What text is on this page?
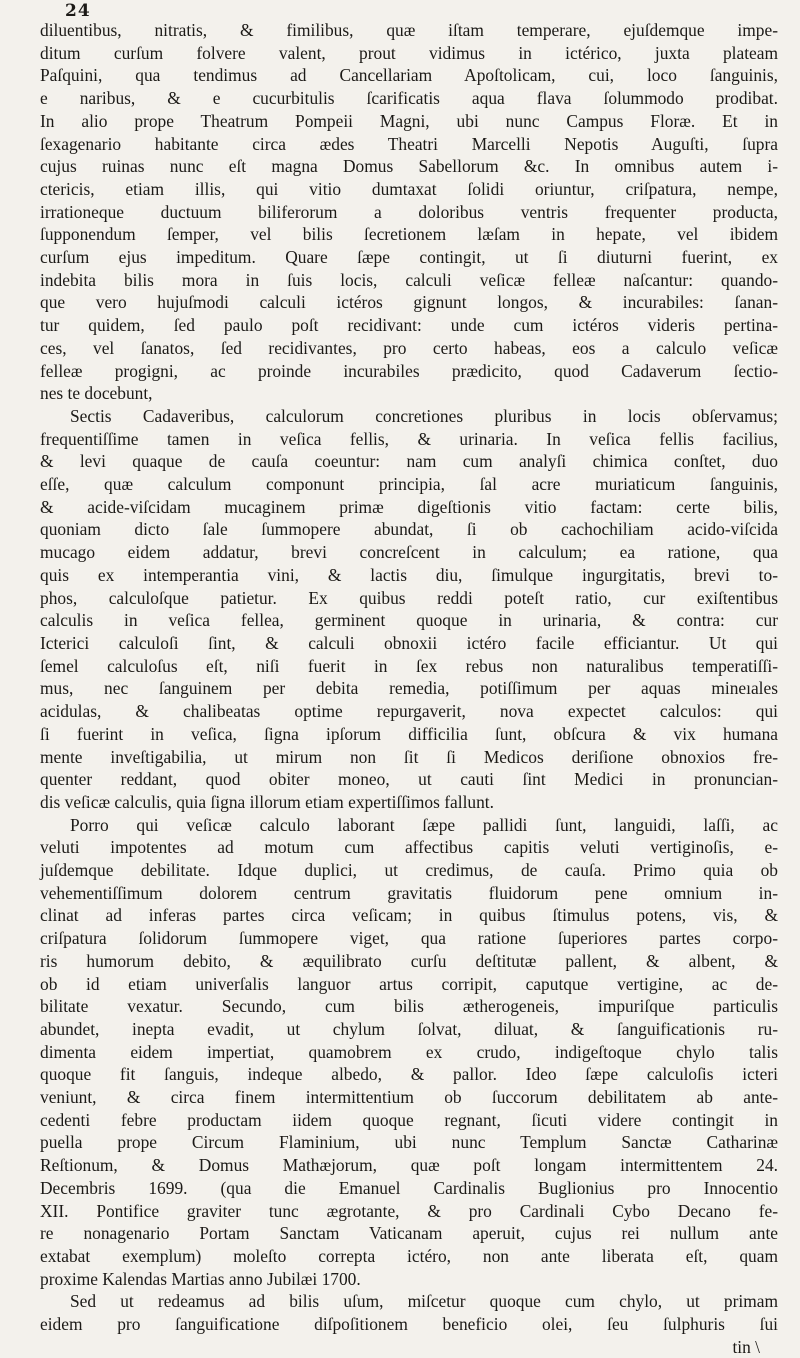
24
diluentibus, nitratis, & fimilibus, quæ iſtam temperare, ejuſdemque impe-
ditum curſum folvere valent, prout vidimus in ictérico, juxta plateam
Paſquini, qua tendimus ad Cancellariam Apoſtolicam, cui, loco ſanguinis,
e naribus, & e cucurbitulis ſcarificatis aqua flava ſolummodo prodibat.
In alio prope Theatrum Pompeii Magni, ubi nunc Campus Floræ. Et in
ſexagenario habitante circa ædes Theatri Marcelli Nepotis Auguſti, ſupra
cujus ruinas nunc eſt magna Domus Sabellorum &c. In omnibus autem i-
ctericis, etiam illis, qui vitio dumtaxat ſolidi oriuntur, criſpatura, nempe,
irrationeque ductuum biliferorum a doloribus ventris frequenter producta,
ſupponendum ſemper, vel bilis ſecretionem læſam in hepate, vel ibidem
curſum ejus impeditum. Quare ſæpe contingit, ut ſi diuturni fuerint, ex
indebita bilis mora in ſuis locis, calculi veſicæ felleæ naſcantur: quando-
que vero hujuſmodi calculi ictéros gignunt longos, & incurabiles: ſanan-
tur quidem, ſed paulo poſt recidivant: unde cum ictéros videris pertina-
ces, vel ſanatos, ſed recidivantes, pro certo habeas, eos a calculo veſicæ
felleæ progigni, ac proinde incurabiles prædicito, quod Cadaverum ſectio-
nes te docebunt,
Sectis Cadaveribus, calculorum concretiones pluribus in locis obſervamus;
frequentiſſime tamen in veſica fellis, & urinaria. In veſica fellis facilius,
& levi quaque de cauſa coeuntur: nam cum analyſi chimica conſtet, duo
eſſe, quæ calculum componunt principia, ſal acre muriaticum ſanguinis,
& acide-viſcidam mucaginem primæ digeſtionis vitio factam: certe bilis,
quoniam dicto ſale ſummopere abundat, ſi ob cachochiliam acido-viſcida
mucago eidem addatur, brevi concreſcent in calculum; ea ratione, qua
quis ex intemperantia vini, & lactis diu, ſimulque ingurgitatis, brevi to-
phos, calculoſque patietur. Ex quibus reddi poteſt ratio, cur exiſtentibus
calculis in veſica fellea, germinent quoque in urinaria, & contra: cur
Icterici calculoſi ſint, & calculi obnoxii ictéro facile efficiantur. Ut qui
ſemel calculoſus eſt, niſi fuerit in ſex rebus non naturalibus temperatiſſi-
mus, nec ſanguinem per debita remedia, potiſſimum per aquas mineıales
acidulas, & chalibeatas optime repurgaverit, nova expectet calculos: qui
ſi fuerint in veſica, ſigna ipſorum difficilia ſunt, obſcura & vix humana
mente inveſtigabilia, ut mirum non ſit ſi Medicos deriſione obnoxios fre-
quenter reddant, quod obiter moneo, ut cauti ſint Medici in pronuncian-
dis veſicæ calculis, quia ſigna illorum etiam expertiſſimos fallunt.
Porro qui veſicæ calculo laborant ſæpe pallidi ſunt, languidi, laſſi, ac
veluti impotentes ad motum cum affectibus capitis veluti vertiginoſis, e-
juſdemque debilitate. Idque duplici, ut credimus, de cauſa. Primo quia ob
vehementiſſimum dolorem centrum gravitatis fluidorum pene omnium in-
clinat ad inferas partes circa veſicam; in quibus ſtimulus potens, vis, &
criſpatura ſolidorum ſummopere viget, qua ratione ſuperiores partes corpo-
ris humorum debito, & æquilibrato curſu deſtitutæ pallent, & albent, &
ob id etiam univerſalis languor artus corripit, caputque vertigine, ac de-
bilitate vexatur. Secundo, cum bilis ætherogeneis, impuriſque particulis
abundet, inepta evadit, ut chylum ſolvat, diluat, & ſanguificationis ru-
dimenta eidem impertiat, quamobrem ex crudo, indigeſtoque chylo talis
quoque fit ſanguis, indeque albedo, & pallor. Ideo ſæpe calculoſis icteri
veniunt, & circa finem intermittentium ob ſuccorum debilitatem ab ante-
cedenti febre productam iidem quoque regnant, ſicuti videre contingit in
puella prope Circum Flaminium, ubi nunc Templum Sanctæ Catharinæ
Reſtionum, & Domus Mathæjorum, quæ poſt longam intermittentem 24.
Decembris 1699. (qua die Emanuel Cardinalis Buglionius pro Innocentio
XII. Pontifice graviter tunc ægrotante, & pro Cardinali Cybo Decano fe-
re nonagenario Portam Sanctam Vaticanam aperuit, cujus rei nullum ante
extabat exemplum) moleſto correpta ictéro, non ante liberata eſt, quam
proxime Kalendas Martias anno Jubilæi 1700.
Sed ut redeamus ad bilis uſum, miſcetur quoque cum chylo, ut primam
eidem pro ſanguificatione diſpoſitionem beneficio olei, ſeu ſulphuris ſui
tin \
